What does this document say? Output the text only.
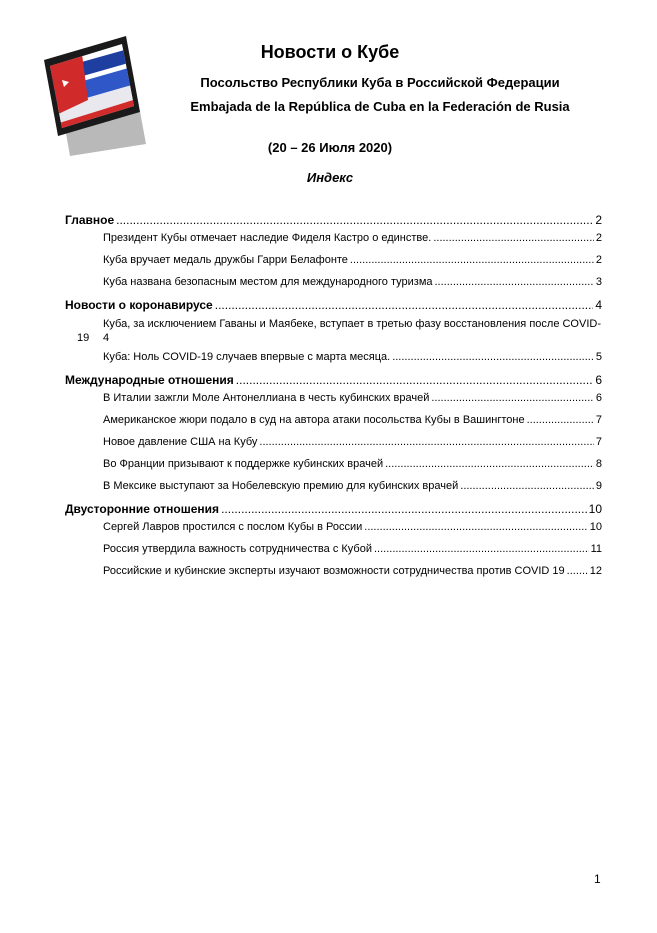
Новости о Кубе
Посольство Республики Куба в Российской Федерации
Embajada de la República de Cuba en la Federación de Rusia
(20 – 26 Июля 2020)
Индекс
Главное .....	2
Президент Кубы отмечает наследие Фиделя Кастро о единстве. .....	2
Куба вручает медаль дружбы Гарри Белафонте .....	2
Куба названа безопасным местом для международного туризма .....	3
Новости о коронавирусе .....	4
Куба, за исключением Гаваны и Маябеке, вступает в третью фазу восстановления после COVID-
19 4
Куба: Ноль COVID-19 случаев впервые с марта месяца. .....	5
Международные отношения .....	6
В Италии зажгли Моле Антонеллиана в честь кубинских врачей .....	6
Американское жюри подало в суд на автора атаки посольства Кубы в Вашингтоне .....	7
Новое давление США на Кубу .....	7
Во Франции призывают к поддержке кубинских врачей .....	8
В Мексике выступают за Нобелевскую премию для кубинских врачей .....	9
Двусторонние отношения .....	10
Сергей Лавров простился с послом Кубы в России .....	10
Россия утвердила важность сотрудничества с Кубой .....	11
Российские и кубинские эксперты изучают возможности сотрудничества против COVID 19 ..... 12
1
